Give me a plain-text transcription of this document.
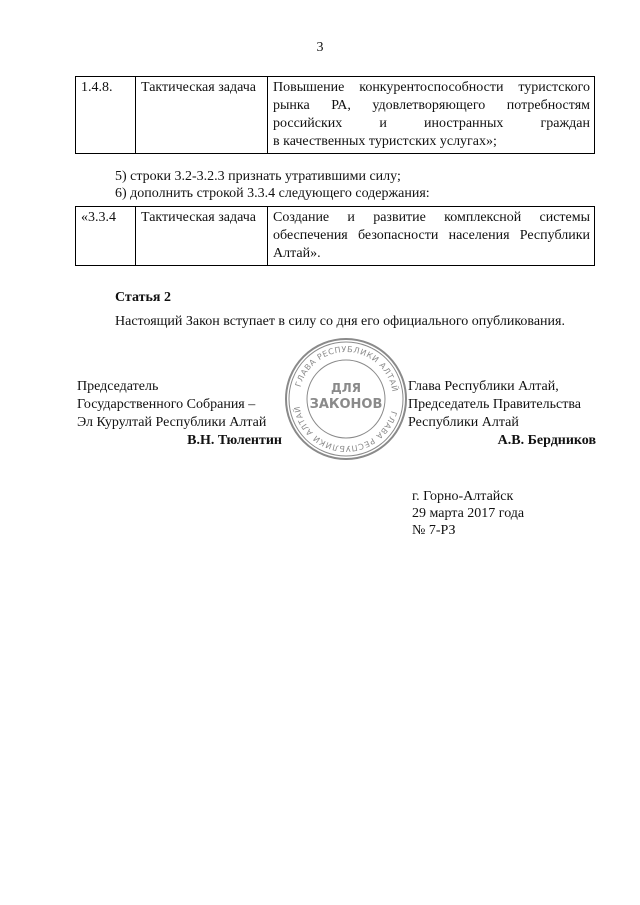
3
1.4.8.	Тактическая задача	Повышение конкурентоспособности туристского
рынка РА, удовлетворяющего потребностям
российских и иностранных граждан
в качественных туристских услугах»;
5) строки 3.2-3.2.3 признать утратившими силу;
6) дополнить строкой 3.3.4 следующего содержания:
«3.3.4	Тактическая задача	Создание и развитие комплексной системы
обеспечения безопасности населения Республики
Алтай».
Статья 2
Настоящий Закон вступает в силу со дня его официального опубликования.
ГЛАВА РЕСПУБЛИКИ АЛТАЙ
ГЛАВА РЕСПУБЛИКИ АЛТАЙ
ДЛЯ
ЗАКОНОВ
Председатель
Государственного Собрания –
Эл Курултай Республики Алтай
В.Н. Тюлентин
Глава Республики Алтай,
Председатель Правительства
Республики Алтай
А.В. Бердников
г. Горно-Алтайск
29 марта 2017 года
№ 7-РЗ
